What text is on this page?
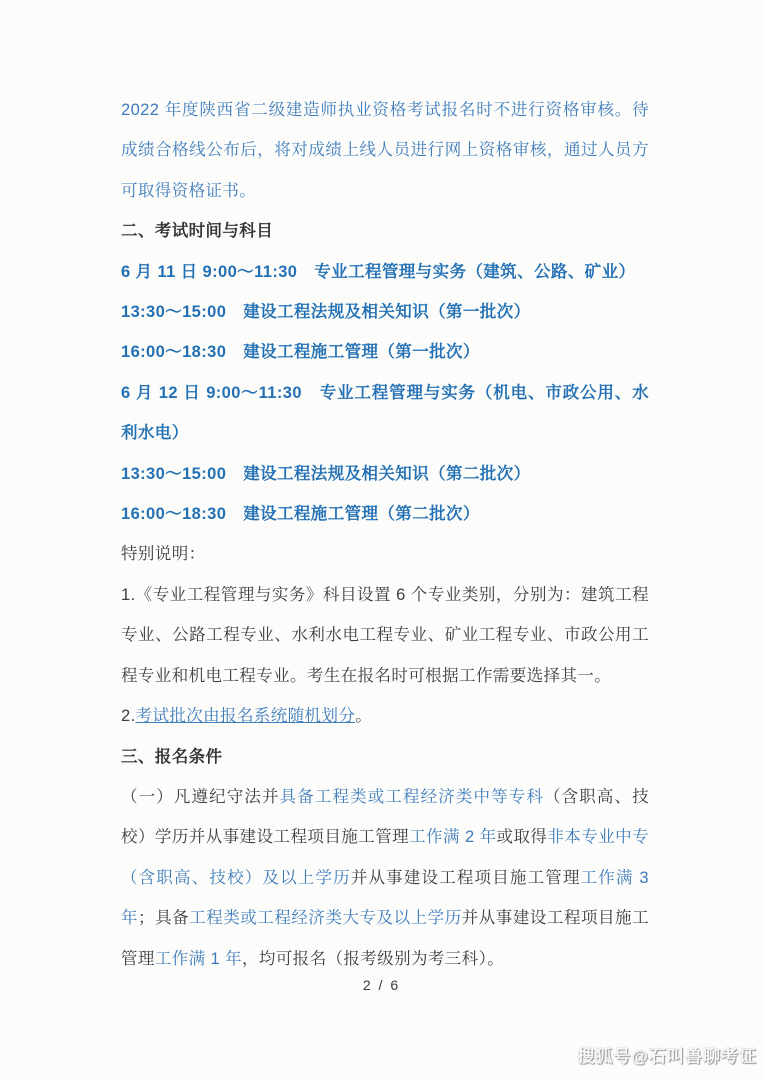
2022 年度陕西省二级建造师执业资格考试报名时不进行资格审核。待成绩合格线公布后，将对成绩上线人员进行网上资格审核，通过人员方可取得资格证书。

二、考试时间与科目

6 月 11 日 9:00～11:30　专业工程管理与实务（建筑、公路、矿业）

13:30～15:00　建设工程法规及相关知识（第一批次）

16:00～18:30　建设工程施工管理（第一批次）

6 月 12 日 9:00～11:30　专业工程管理与实务（机电、市政公用、水利水电）

13:30～15:00　建设工程法规及相关知识（第二批次）

16:00～18:30　建设工程施工管理（第二批次）

特别说明：

1.《专业工程管理与实务》科目设置 6 个专业类别，分别为：建筑工程专业、公路工程专业、水利水电工程专业、矿业工程专业、市政公用工程专业和机电工程专业。考生在报名时可根据工作需要选择其一。

2.考试批次由报名系统随机划分。

三、报名条件

（一）凡遵纪守法并具备工程类或工程经济类中等专科（含职高、技校）学历并从事建设工程项目施工管理工作满 2 年或取得非本专业中专（含职高、技校）及以上学历并从事建设工程项目施工管理工作满 3 年；具备工程类或工程经济类大专及以上学历并从事建设工程项目施工管理工作满 1 年，均可报名（报考级别为考三科）。

2 / 6
搜狐号@石叫兽聊考证
